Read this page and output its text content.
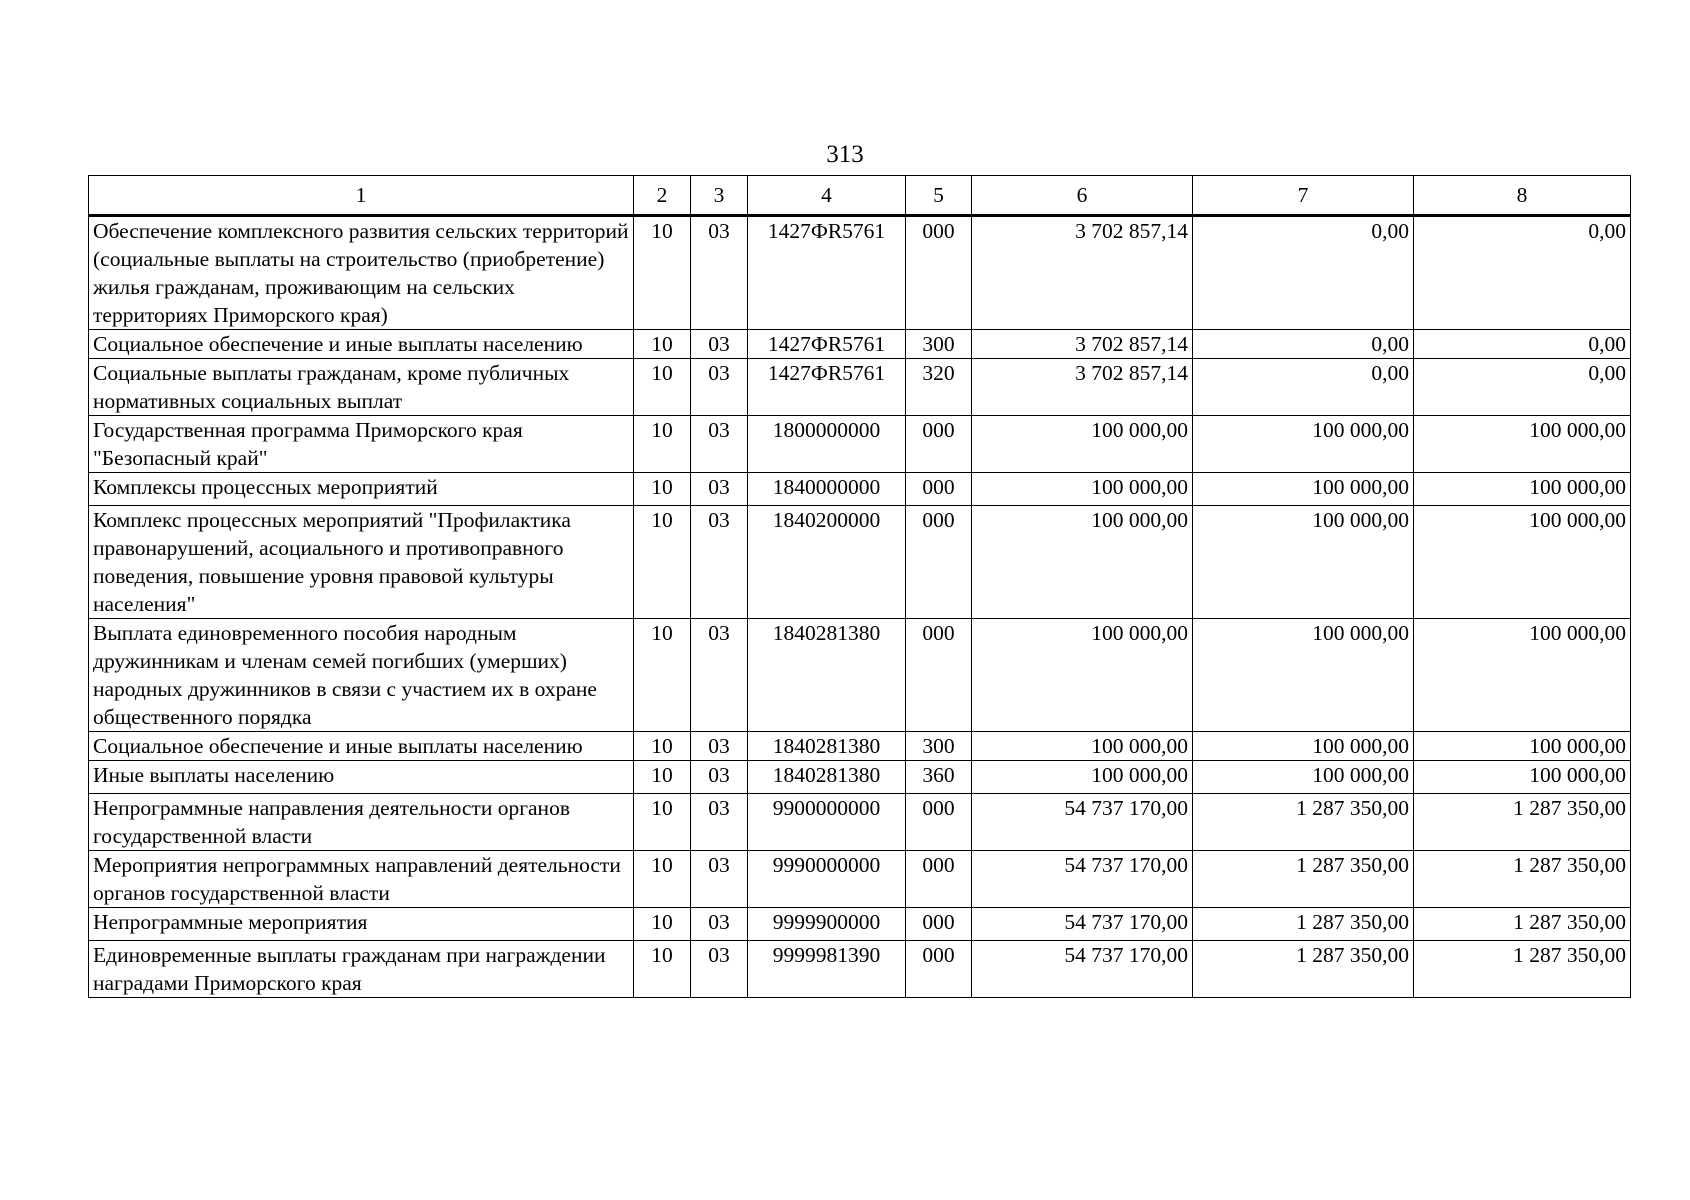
313
1	2	3	4	5	6	7	8
Обеспечение комплексного развития сельских территорий (социальные выплаты на строительство (приобретение) жилья гражданам, проживающим на сельских территориях Приморского края)	10	03	1427ФR5761	000	3 702 857,14	0,00	0,00
Социальное обеспечение и иные выплаты населению	10	03	1427ФR5761	300	3 702 857,14	0,00	0,00
Социальные выплаты гражданам, кроме публичных нормативных социальных выплат	10	03	1427ФR5761	320	3 702 857,14	0,00	0,00
Государственная программа Приморского края "Безопасный край"	10	03	1800000000	000	100 000,00	100 000,00	100 000,00
Комплексы процессных мероприятий	10	03	1840000000	000	100 000,00	100 000,00	100 000,00
Комплекс процессных мероприятий "Профилактика правонарушений, асоциального и противоправного поведения, повышение уровня правовой культуры населения"	10	03	1840200000	000	100 000,00	100 000,00	100 000,00
Выплата единовременного пособия народным дружинникам и членам семей погибших (умерших) народных дружинников в связи с участием их в охране общественного порядка	10	03	1840281380	000	100 000,00	100 000,00	100 000,00
Социальное обеспечение и иные выплаты населению	10	03	1840281380	300	100 000,00	100 000,00	100 000,00
Иные выплаты населению	10	03	1840281380	360	100 000,00	100 000,00	100 000,00
Непрограммные направления деятельности органов государственной власти	10	03	9900000000	000	54 737 170,00	1 287 350,00	1 287 350,00
Мероприятия непрограммных направлений деятельности органов государственной власти	10	03	9990000000	000	54 737 170,00	1 287 350,00	1 287 350,00
Непрограммные мероприятия	10	03	9999900000	000	54 737 170,00	1 287 350,00	1 287 350,00
Единовременные выплаты гражданам при награждении наградами Приморского края	10	03	9999981390	000	54 737 170,00	1 287 350,00	1 287 350,00
